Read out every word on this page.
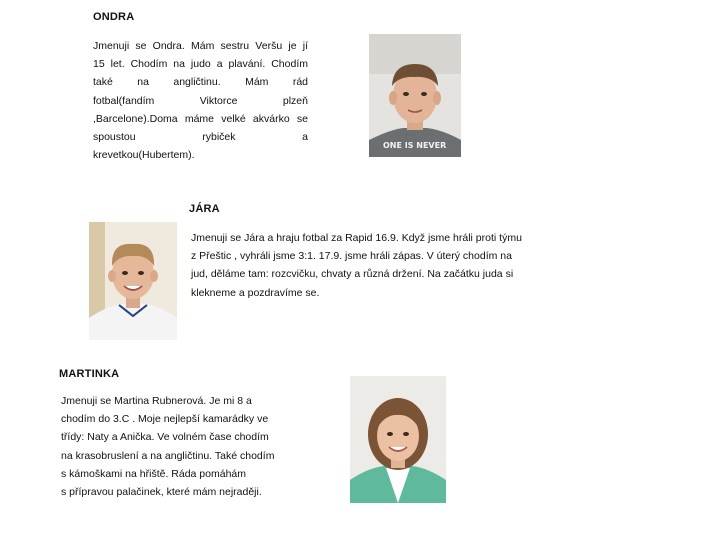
ONDRA
Jmenuji se Ondra. Mám sestru Veršu je jí
15 let. Chodím na judo a plavání. Chodím
také na angličtinu. Mám rád
fotbal(fandím Viktorce plzeň
,Barcelone).Doma máme velké akvárko se
spoustou rybiček a
krevetkou(Hubertem).
ONE IS NEVER
JÁRA
Jmenuji se Jára a hraju fotbal za Rapid 16.9. Když jsme hráli proti týmu
z Přeštic , vyhráli jsme 3:1. 17.9. jsme hráli zápas. V úterý chodím na
jud, děláme tam: rozcvičku, chvaty a různá držení. Na začátku juda si
klekneme a pozdravíme se.
MARTINKA
Jmenuji se Martina Rubnerová. Je mi 8 a
chodím do 3.C . Moje nejlepší kamarádky ve
třídy: Naty a Anička. Ve volném čase chodím
na krasobruslení a na angličtinu. Také chodím
s kámoškami na hřiště. Ráda pomáhám
s přípravou palačinek, které mám nejraději.
